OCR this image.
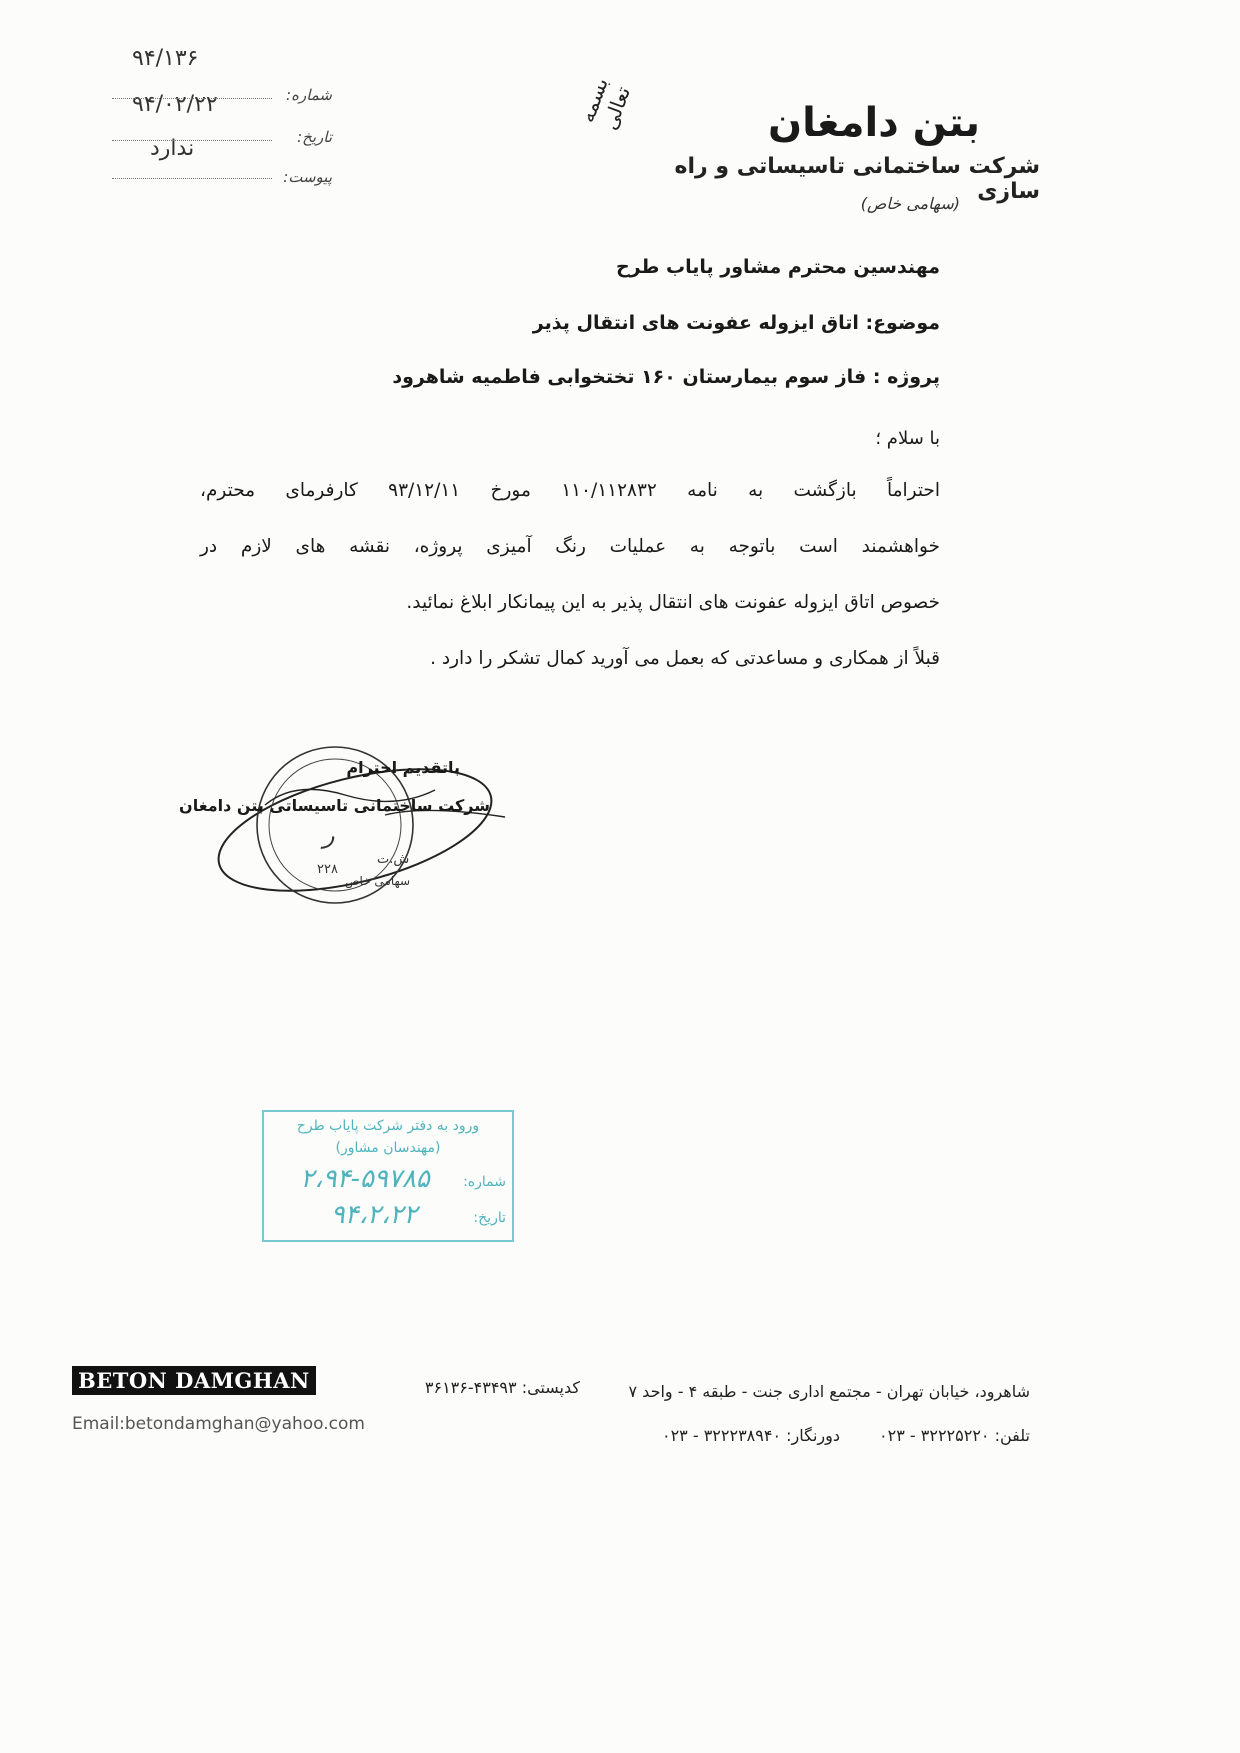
۹۴/۱۳۶
۹۴/۰۲/۲۲
ندارد
شماره:
تاریخ:
پیوست:
بسمه تعالی	بتن دامغان
شرکت ساختمانی تاسیساتی و راه سازی
(سهامی خاص)
مهندسین محترم مشاور پایاب طرح
موضوع: اتاق ایزوله عفونت های انتقال پذیر
پروژه : فاز سوم بیمارستان ۱۶۰ تختخوابی فاطمیه شاهرود
با سلام ؛
احتراماً بازگشت به نامه ۱۱۰/۱۱۲۸۳۲ مورخ ۹۳/۱۲/۱۱ کارفرمای محترم،
خواهشمند است باتوجه به عملیات رنگ آمیزی پروژه، نقشه های لازم در
خصوص اتاق ایزوله عفونت های انتقال پذیر به این پیمانکار ابلاغ نمائید.
قبلاً از همکاری و مساعدتی که بعمل می آورید کمال تشکر را دارد .
ر
ش.ت
۲۲۸
سهامی خاص
باتقدیم احترام
شرکت ساختمانی تاسیساتی بتن دامغان
ورود به دفتر شرکت پایاب طرح
(مهندسان مشاور)
شماره:
۲،۹۴-۵۹۷۸۵
تاریخ:
۹۴،۲،۲۲
BETON DAMGHAN
Email:betondamghan@yahoo.com
شاهرود، خیابان تهران - مجتمع اداری جنت - طبقه ۴ - واحد ۷
کدپستی: ۴۳۴۹۳-۳۶۱۳۶
تلفن: ۳۲۲۲۵۲۲۰ - ۰۲۳
دورنگار: ۳۲۲۲۳۸۹۴۰ - ۰۲۳
